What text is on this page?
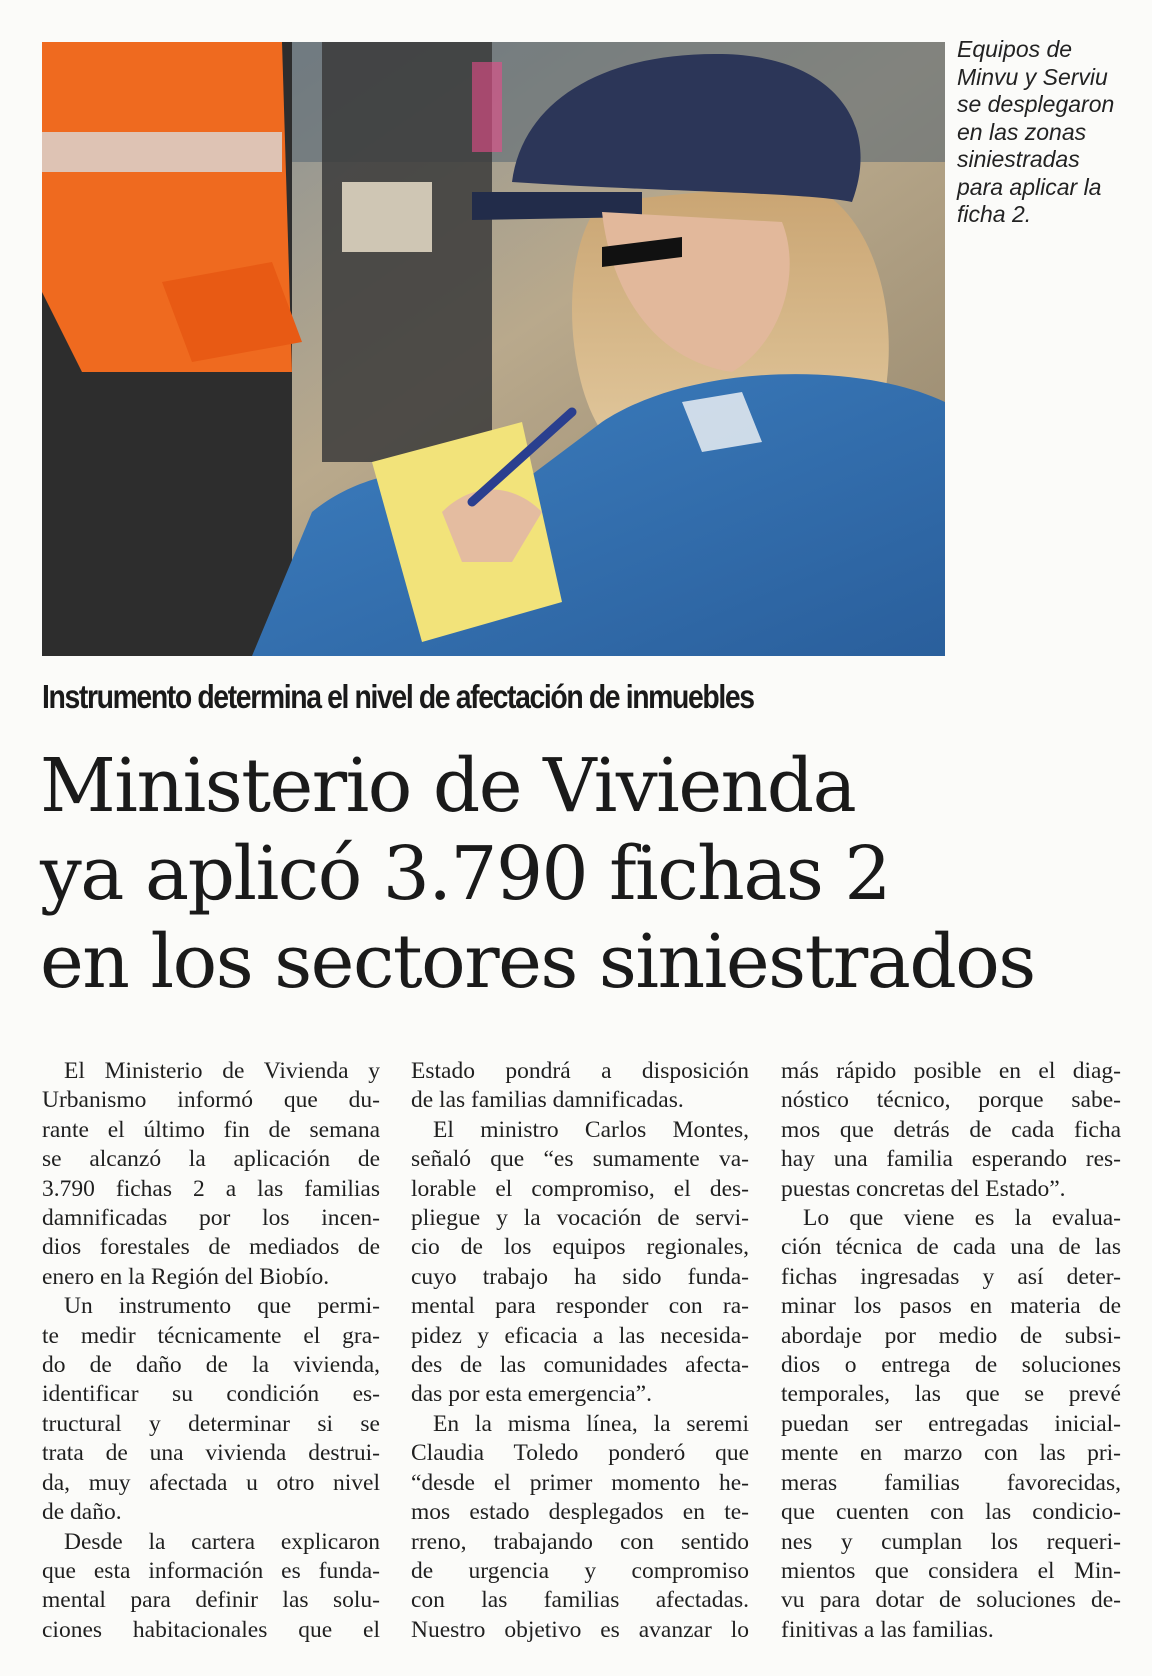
Equipos de
Minvu y Serviu
se desplegaron
en las zonas
siniestradas
para aplicar la
ficha 2.
Instrumento determina el nivel de afectación de inmuebles
Ministerio de Vivienda
ya aplicó 3.790 fichas 2
en los sectores siniestrados
El Ministerio de Vivienda y
Urbanismo informó que du-
rante el último fin de semana
se alcanzó la aplicación de
3.790 fichas 2 a las familias
damnificadas por los incen-
dios forestales de mediados de
enero en la Región del Biobío.
Un instrumento que permi-
te medir técnicamente el gra-
do de daño de la vivienda,
identificar su condición es-
tructural y determinar si se
trata de una vivienda destrui-
da, muy afectada u otro nivel
de daño.
Desde la cartera explicaron
que esta información es funda-
mental para definir las solu-
ciones habitacionales que el
Estado pondrá a disposición
de las familias damnificadas.
El ministro Carlos Montes,
señaló que “es sumamente va-
lorable el compromiso, el des-
pliegue y la vocación de servi-
cio de los equipos regionales,
cuyo trabajo ha sido funda-
mental para responder con ra-
pidez y eficacia a las necesida-
des de las comunidades afecta-
das por esta emergencia”.
En la misma línea, la seremi
Claudia Toledo ponderó que
“desde el primer momento he-
mos estado desplegados en te-
rreno, trabajando con sentido
de urgencia y compromiso
con las familias afectadas.
Nuestro objetivo es avanzar lo
más rápido posible en el diag-
nóstico técnico, porque sabe-
mos que detrás de cada ficha
hay una familia esperando res-
puestas concretas del Estado”.
Lo que viene es la evalua-
ción técnica de cada una de las
fichas ingresadas y así deter-
minar los pasos en materia de
abordaje por medio de subsi-
dios o entrega de soluciones
temporales, las que se prevé
puedan ser entregadas inicial-
mente en marzo con las pri-
meras familias favorecidas,
que cuenten con las condicio-
nes y cumplan los requeri-
mientos que considera el Min-
vu para dotar de soluciones de-
finitivas a las familias.
